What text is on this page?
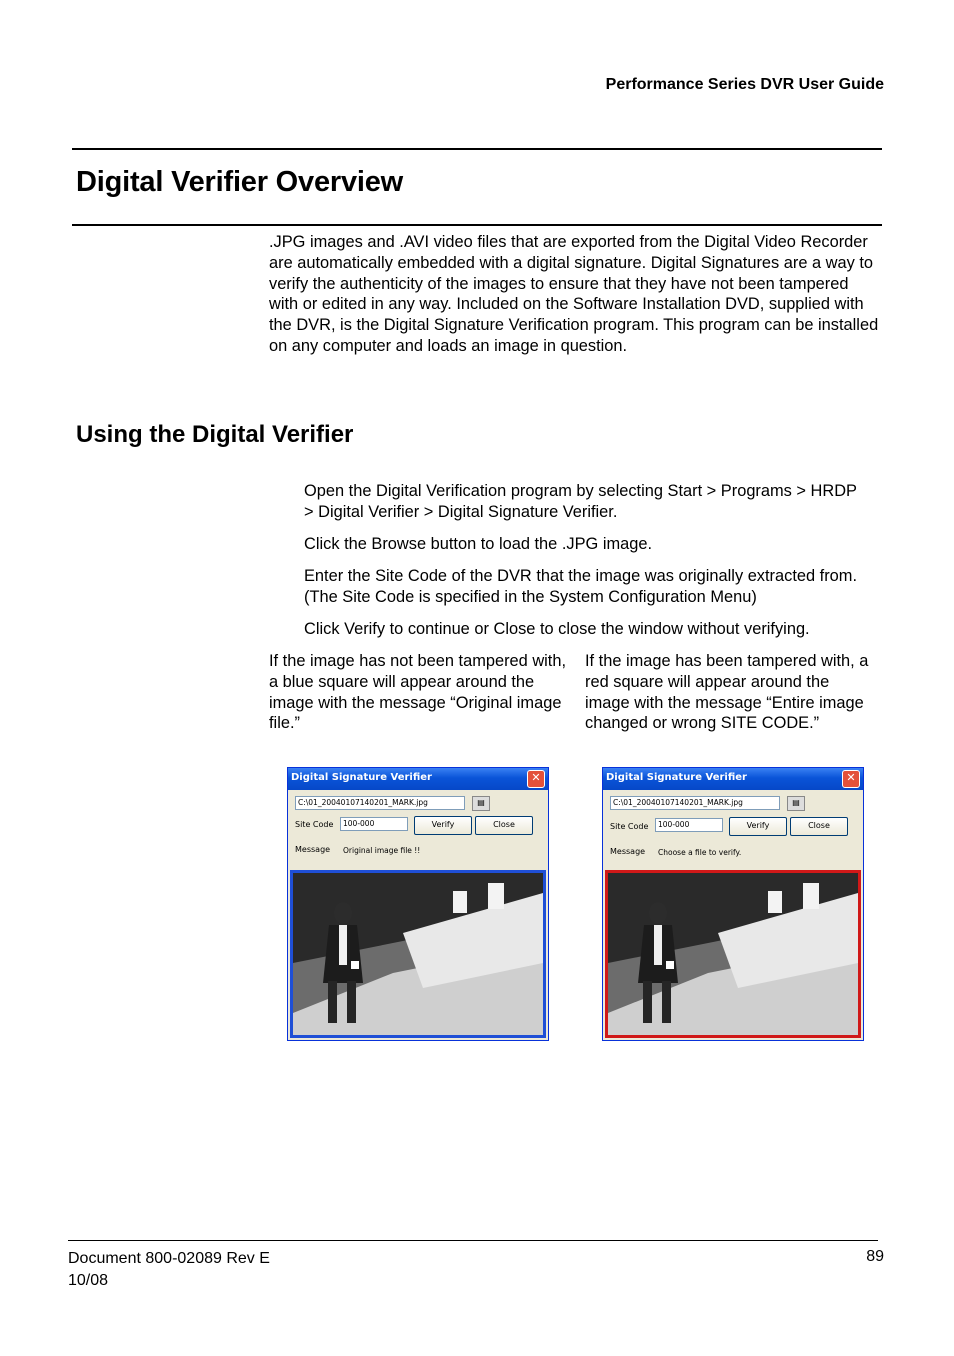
Performance Series DVR User Guide
Digital Verifier Overview
.JPG images and .AVI video files that are exported from the Digital Video Recorder are automatically embedded with a digital signature. Digital Signatures are a way to verify the authenticity of the images to ensure that they have not been tampered with or edited in any way. Included on the Software Installation DVD, supplied with the DVR, is the Digital Signature Verification program. This program can be installed on any computer and loads an image in question.
Using the Digital Verifier
Open the Digital Verification program by selecting Start > Programs > HRDP > Digital Verifier > Digital Signature Verifier.
Click the Browse button to load the .JPG image.
Enter the Site Code of the DVR that the image was originally extracted from. (The Site Code is specified in the System Configuration Menu)
Click Verify to continue or Close to close the window without verifying.
If the image has not been tampered with, a blue square will appear around the image with the message “Original image file.”
If the image has been tampered with, a red square will appear around the image with the message “Entire image changed or wrong SITE CODE.”
Digital Signature Verifier	✕
C:\01_20040107140201_MARK.jpg	▤
Site Code	100-000	Verify	Close
Message	Original image file !!
Digital Signature Verifier	✕
C:\01_20040107140201_MARK.jpg	▤
Site Code	100-000	Verify	Close
Message	Choose a file to verify.
Document 800-02089 Rev E
10/08
89
